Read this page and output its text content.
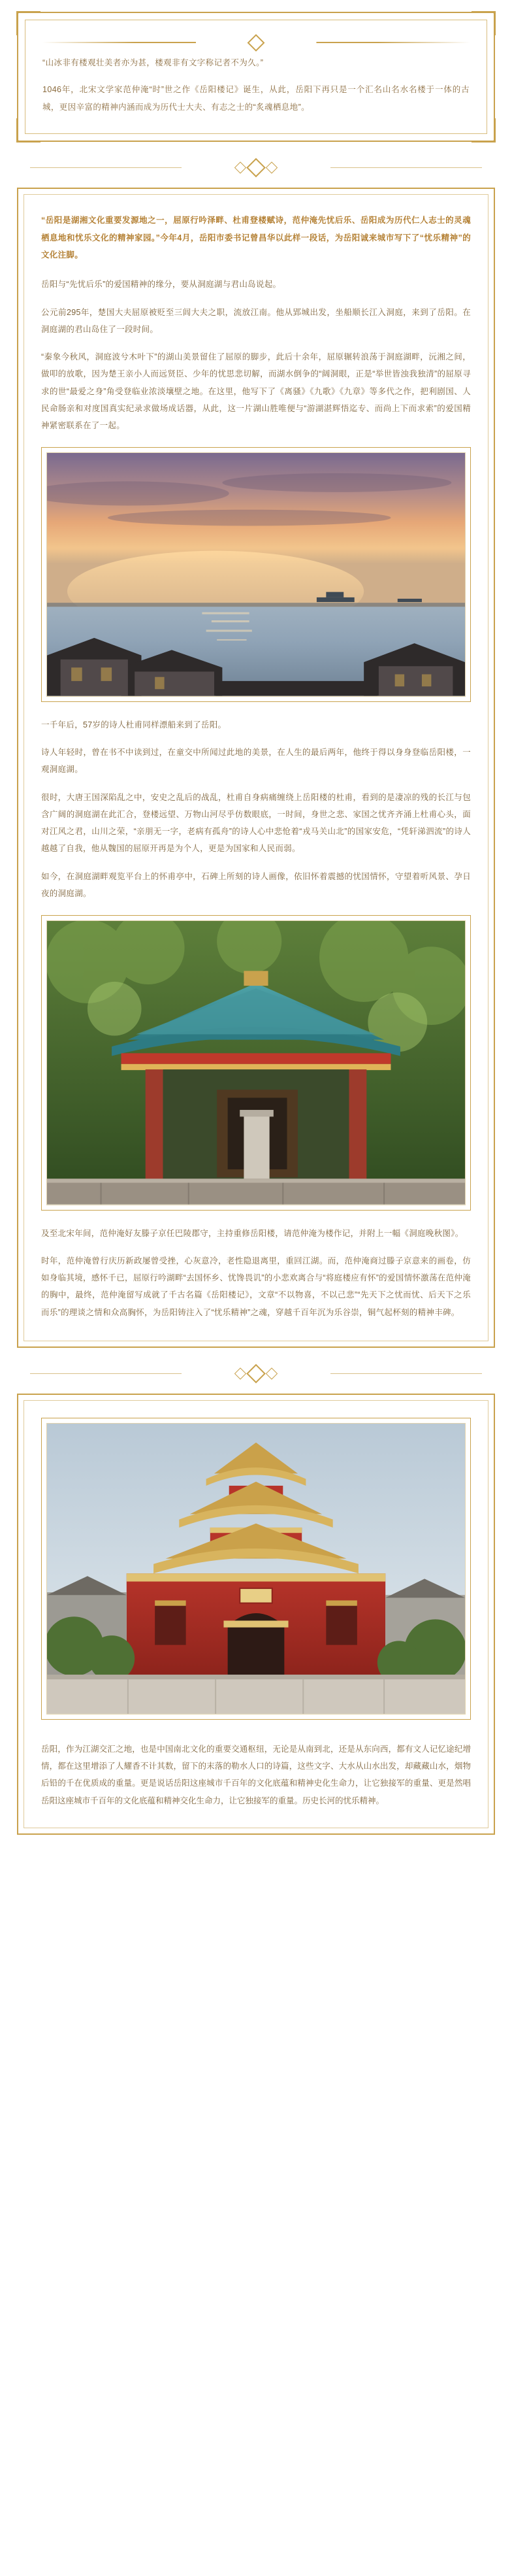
“山冰非有楼观壮美者亦为甚，楼观非有文字称记者不为久。”

1046年，北宋文学家范仲淹“时”世之作《岳阳楼记》诞生，从此，岳阳下再只是一个汇名山名水名楼于一体的古城，更因辛富的精神内涵而成为历代士大夫、有志之士的“炙魂栖息地”。

“岳阳是湖湘文化重要发源地之一，屈原行吟泽畔、杜甫登楼赋诗，范仲淹先忧后乐、岳阳成为历代仁人志士的灵魂栖息地和忧乐文化的精神家园。”今年4月，岳阳市委书记曾昌华以此样一段话，为岳阳诚来城市写下了“忧乐精神”的文化注脚。

岳阳与“先忧后乐”的爱国精神的缘分，要从洞庭湖与君山岛说起。

公元前295年，楚国大夫屈原被贬至三闾大夫之职，流放江南。他从郢城出发，坐船顺长江入洞庭，来到了岳阳。在洞庭湖的君山岛住了一段时间。

“秦象今秋风，洞庭波兮木叶下”的湖山美景留住了屈原的脚步，此后十余年，屈原辗转浪荡于洞庭湖畔，沅湘之间，做叩的放歌，因为楚王亲小人而远贤臣、少年的忧思悲切解，而湖水倒争的“阔洞眼，正是“举世皆浊我独清”的屈原寻求的世“最爱之身”角受登临业浓淡壤壁之地。在这里，他写下了《离骚》《九歌》《九章》等多代之作，把利剧国、人民命肠亲和对度国真实纪录求做场成话器，从此，这一片湖山胜唯便与“游湖湛辉悟迄专、而尚上下而求索”的爱国精神紧密联系在了一起。

一千年后，57岁的诗人杜甫同样漂船来到了岳阳。

诗人年轻时，曾在书不中读到过，在童交中所闻过此地的美景，在人生的最后两年，他终于得以身身登临岳阳楼，一观洞庭湖。

很时，大唐王国深陷乱之中，安史之乱后的战乱，杜甫自身病痛缠绕上岳阳楼的杜甫，看到的是凄凉的残的长江与包含广阔的洞庭湖在此汇合，登楼远望、万物山河尽乎仿数眼底，一时间，身世之悲、家国之忧齐齐涌上杜甫心头，面对江风之君，山川之荣，“亲朋无一字，老病有孤舟”的诗人心中悲怆着“戎马关山北”的国家安危，“凭轩涕泗流”的诗人越越了自我，他从魏国的屈原开再是为个人，更是为国家和人民而弱。

如今，在洞庭湖畔观览平台上的怀甫亭中，石碑上所刻的诗人画像，依旧怀着震撼的忧国情怀，守望着听风景、孕日夜的洞庭湖。

及至北宋年间，范仲淹好友滕子京任巴陵郡守，主持重修岳阳楼，请范仲淹为楼作记，并附上一幅《洞庭晚秋图》。

时年，范仲淹曾行庆历新政屡曾受挫，心灰意冷，老性隐退离里，重回江湖。而，范仲淹商过滕子京意来的画卷，仿如身临其境，感怀千已，屈原行吟湖畔“去国怀乡、忧馋畏讥”的小悲欢离合与“将庭楼应有怀”的爱国情怀激荡在范仲淹的胸中，最终，范仲淹留写成就了千古名篇《岳阳楼记》，文章“不以物喜，不以己悲”“先天下之忧而忧、后天下之乐而乐”的理谈之情和众高胸怀，为岳阳铸注入了“忧乐精神”之魂，穿越千百年沉为乐谷崇，铜气起杯刻的精神丰碑。

岳阳，作为江湖交汇之地，也是中国南北文化的重要交通枢纽，无论是从南到北，还是从东向西，都有文人记忆途纪增情，都在这里增添了人耀香不计其数，留下的末落的勒水人口的诗篇，这些文字、大水从山水出发，却藏藏山水，烟物后铅的千在优质成的重量。更是说话岳阳这座城市千百年的文化底蕴和精神史化生命力，让它独接军的重量、更是然唱岳阳这座城市千百年的文化底蕴和精神交化生命力，让它独接军的重量。历史长河的忧乐精神。
